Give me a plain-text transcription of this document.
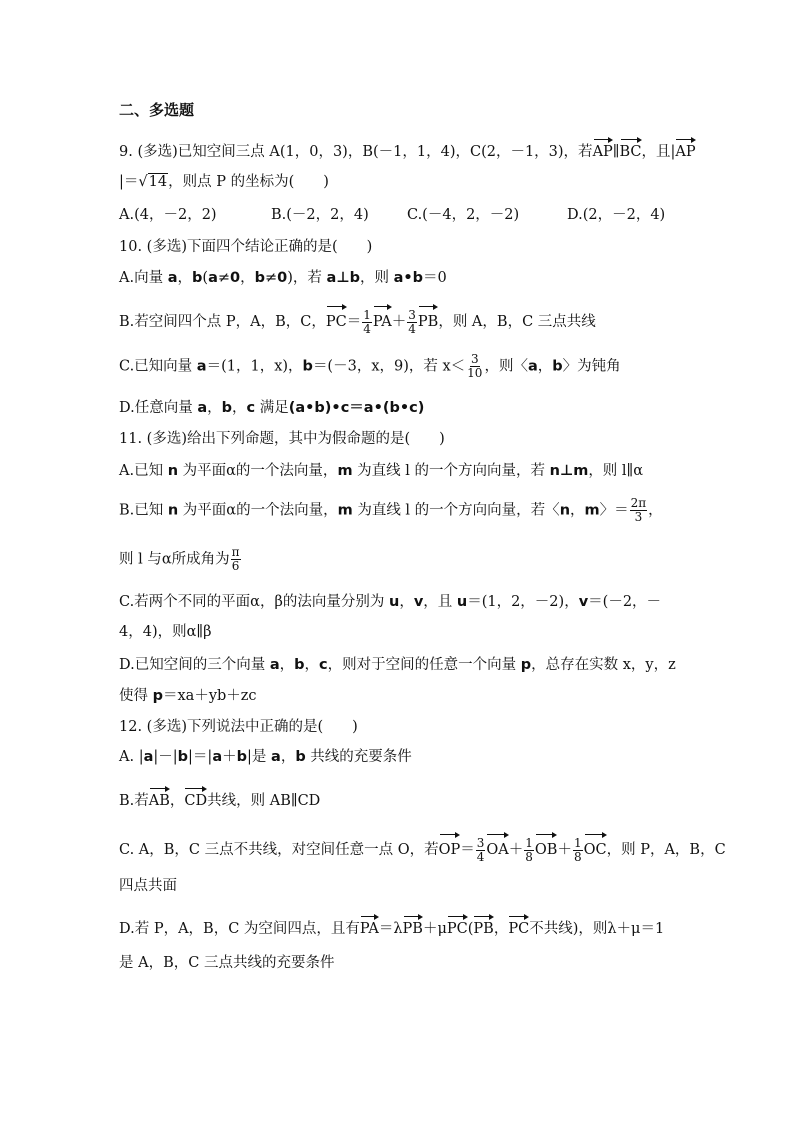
二、多选题
9. (多选)已知空间三点 A(1，0，3)，B(－1，1，4)，C(2，－1，3)，若AP∥BC，且|AP
|＝√14，则点 P 的坐标为(　　)
A.(4，－2，2)	B.(－2，2，4)	C.(－4，2，－2)	D.(2，－2，4)
10. (多选)下面四个结论正确的是(　　)
A.向量 a，b(a≠0，b≠0)，若 a⊥b，则 a•b＝0
B.若空间四个点 P，A，B，C，$PC= \frac{1}{4} PA+ \frac{3}{4}$ PB，则 A，B，C 三点共线
C.已知向量 a＝(1，1，x)，b＝(－3，x，9)，若 $x< \frac{3}{10}$ ，则〈a，b〉为钝角
D.任意向量 a，b，c 满足(a•b)•c＝a•(b•c)
11. (多选)给出下列命题，其中为假命题的是(　　)
A.已知 n 为平面α的一个法向量，m 为直线 l 的一个方向向量，若 n⊥m，则 l∥α
B.已知 n 为平面α的一个法向量，m 为直线 l 的一个方向向量，若〈n，m〉＝ $\frac{2\pi}{3}$ ，
则 l 与α所成角为 $\frac{\pi}{6}$
C.若两个不同的平面α，β的法向量分别为 u，v，且 u＝(1，2，－2)，v＝(－2，－
4，4)，则α∥β
D.已知空间的三个向量 a，b，c，则对于空间的任意一个向量 p，总存在实数 x，y，z
使得 p＝xa＋yb＋zc
12. (多选)下列说法中正确的是(　　)
A. |a|－|b|＝|a＋b|是 a，b 共线的充要条件
B.若AB，CD共线，则 AB∥CD
C. A，B，C 三点不共线，对空间任意一点 O，若$OP= \frac{3}{4} OA+ \frac{1}{8} OB+ \frac{1}{8}$ OC，则 P，A，B，C
四点共面
D.若 P，A，B，C 为空间四点，且有PA＝λPB＋μPC(PB，PC不共线)，则λ＋μ＝1
是 A，B，C 三点共线的充要条件
